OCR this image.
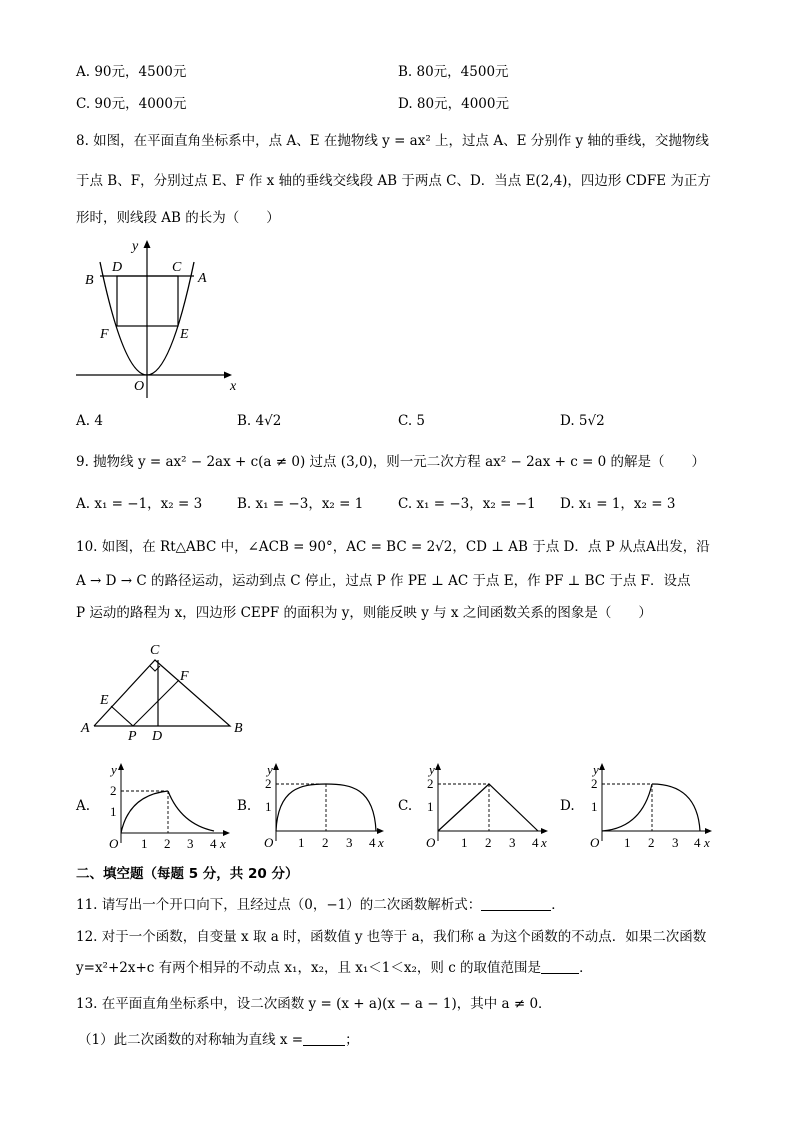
A. 90元，4500元	B. 80元，4500元
C. 90元，4000元	D. 80元，4000元
8. 如图，在平面直角坐标系中，点 A、E 在抛物线 y = ax² 上，过点 A、E 分别作 y 轴的垂线，交抛物线
于点 B、F，分别过点 E、F 作 x 轴的垂线交线段 AB 于两点 C、D．当点 E(2,4)，四边形 CDFE 为正方
形时，则线段 AB 的长为（　　）
x
y
O
B	A
D	C
F	E
A. 4	B. 4√2	C. 5	D. 5√2
9. 抛物线 y = ax² − 2ax + c(a ≠ 0) 过点 (3,0)，则一元二次方程 ax² − 2ax + c = 0 的解是（　　）
A. x₁ = −1，x₂ = 3	B. x₁ = −3，x₂ = 1	C. x₁ = −3，x₂ = −1 D. x₁ = 1，x₂ = 3
10. 如图，在 Rt△ABC 中，∠ACB = 90°，AC = BC = 2√2，CD ⊥ AB 于点 D．点 P 从点A出发，沿
A → D → C 的路径运动，运动到点 C 停止，过点 P 作 PE ⊥ AC 于点 E，作 PF ⊥ BC 于点 F．设点
P 运动的路程为 x，四边形 CEPF 的面积为 y，则能反映 y 与 x 之间函数关系的图象是（　　）
C
F
E
A	B
P D
A.	B.	C.	D.
y
2
1
O 1 2 3 4 x
y
2
1
O 1 2 3 4 x
y
2
1
O 1 2 3 4 x
y
2
1
O 1 2 3 4 x
二、填空题（每题 5 分，共 20 分）
11. 请写出一个开口向下，且经过点（0，−1）的二次函数解析式：	．
12. 对于一个函数，自变量 x 取 a 时，函数值 y 也等于 a，我们称 a 为这个函数的不动点．如果二次函数
y=x²+2x+c 有两个相异的不动点 x₁，x₂，且 x₁＜1＜x₂，则 c 的取值范围是	．
13. 在平面直角坐标系中，设二次函数 y = (x + a)(x − a − 1)，其中 a ≠ 0．
（1）此二次函数的对称轴为直线 x =	；
